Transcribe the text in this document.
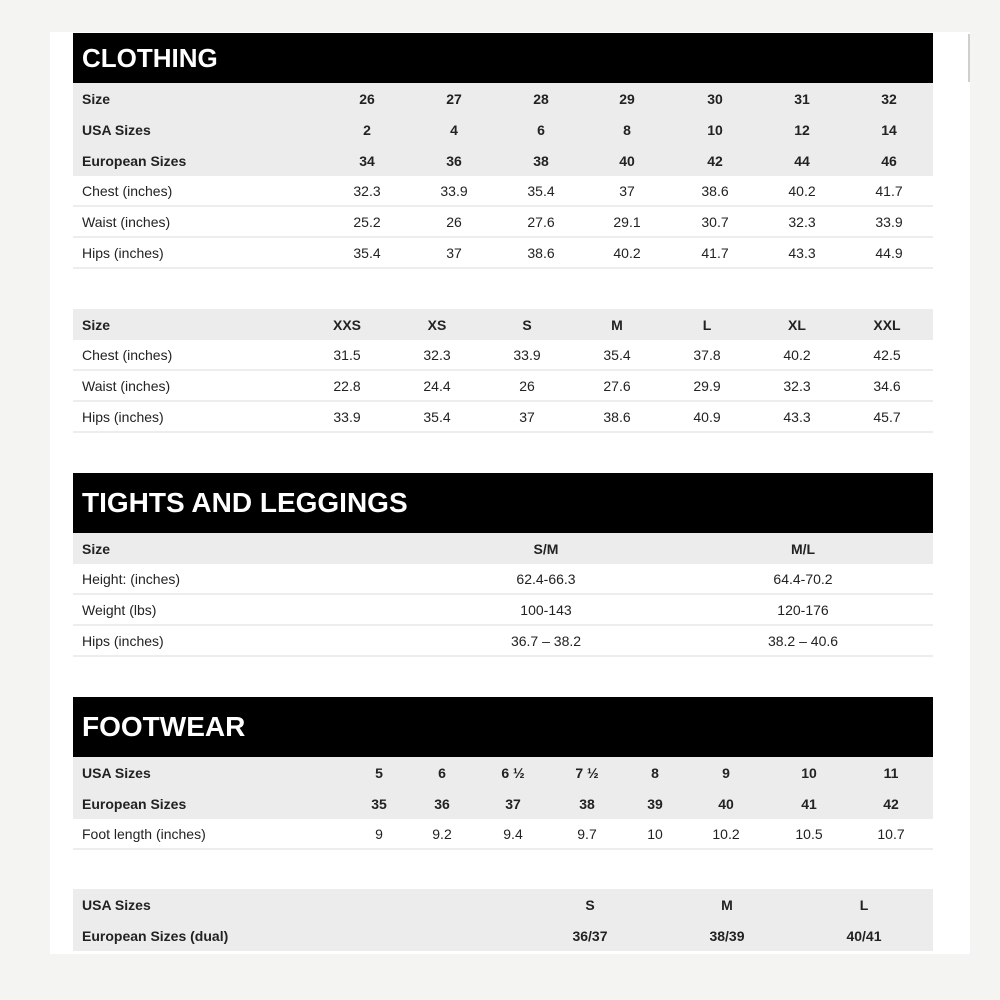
CLOTHING
Size	26	27	28	29	30	31	32
USA Sizes	2	4	6	8	10	12	14
European Sizes	34	36	38	40	42	44	46
Chest (inches)	32.3	33.9	35.4	37	38.6	40.2	41.7
Waist (inches)	25.2	26	27.6	29.1	30.7	32.3	33.9
Hips (inches)	35.4	37	38.6	40.2	41.7	43.3	44.9
Size	XXS	XS	S	M	L	XL	XXL
Chest (inches)	31.5	32.3	33.9	35.4	37.8	40.2	42.5
Waist (inches)	22.8	24.4	26	27.6	29.9	32.3	34.6
Hips (inches)	33.9	35.4	37	38.6	40.9	43.3	45.7
TIGHTS AND LEGGINGS
Size	S/M	M/L
Height: (inches)	62.4-66.3	64.4-70.2
Weight (lbs)	100-143	120-176
Hips (inches)	36.7 – 38.2	38.2 – 40.6
FOOTWEAR
USA Sizes	5	6	6 ½	7 ½	8	9	10	11
European Sizes	35	36	37	38	39	40	41	42
Foot length (inches)	9	9.2	9.4	9.7	10	10.2	10.5	10.7
USA Sizes	S	M	L
European Sizes (dual)	36/37	38/39	40/41
